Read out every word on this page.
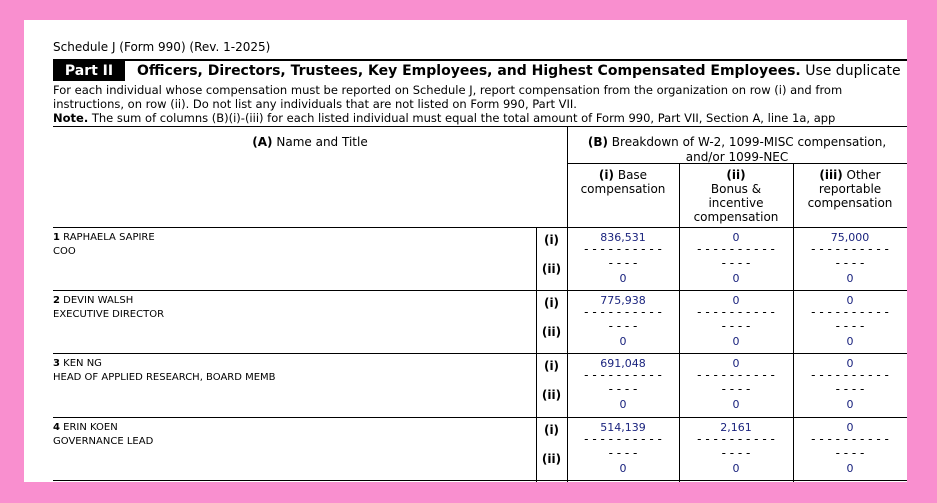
Schedule J (Form 990) (Rev. 1-2025)
Part II	Officers, Directors, Trustees, Key Employees, and Highest Compensated Employees. Use duplicate
For each individual whose compensation must be reported on Schedule J, report compensation from the organization on row (i) and from
instructions, on row (ii). Do not list any individuals that are not listed on Form 990, Part VII.
Note. The sum of columns (B)(i)-(iii) for each listed individual must equal the total amount of Form 990, Part VII, Section A, line 1a, app
(A) Name and Title	(B) Breakdown of W-2, 1099-MISC compensation,
and/or 1099-NEC
(i) Base
compensation
(ii)
Bonus &
incentive
compensation
(iii) Other
reportable
compensation
1 RAPHAELA SAPIRE
COO
(i)
(ii)
836,531
- - - - - - - - - -
- - - -
0
0
- - - - - - - - - -
- - - -
0
75,000
- - - - - - - - - -
- - - -
0
2 DEVIN WALSH
EXECUTIVE DIRECTOR
(i)
(ii)
775,938
- - - - - - - - - -
- - - -
0
0
- - - - - - - - - -
- - - -
0
0
- - - - - - - - - -
- - - -
0
3 KEN NG
HEAD OF APPLIED RESEARCH, BOARD MEMB
(i)
(ii)
691,048
- - - - - - - - - -
- - - -
0
0
- - - - - - - - - -
- - - -
0
0
- - - - - - - - - -
- - - -
0
4 ERIN KOEN
GOVERNANCE LEAD
(i)
(ii)
514,139
- - - - - - - - - -
- - - -
0
2,161
- - - - - - - - - -
- - - -
0
0
- - - - - - - - - -
- - - -
0
